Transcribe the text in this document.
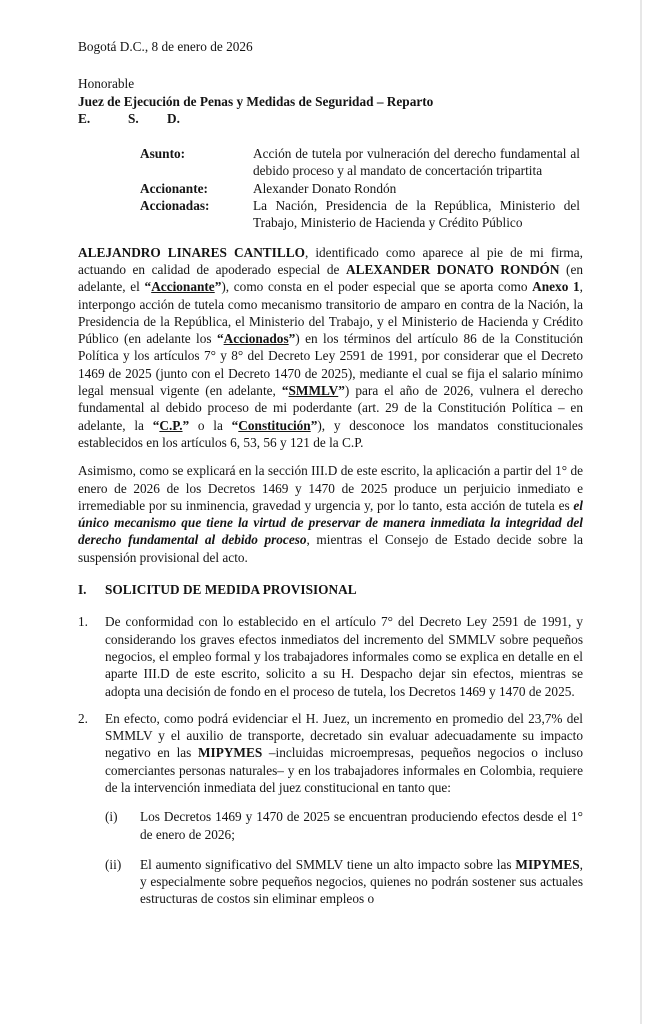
Bogotá D.C., 8 de enero de 2026

Honorable

Juez de Ejecución de Penas y Medidas de Seguridad – Reparto

E.	S. D.

Asunto:	Acción de tutela por vulneración del derecho fundamental al debido proceso y al mandato de concertación tripartita
Accionante:	Alexander Donato Rondón
Accionadas:	La Nación, Presidencia de la República, Ministerio del Trabajo, Ministerio de Hacienda y Crédito Público

ALEJANDRO LINARES CANTILLO, identificado como aparece al pie de mi firma, actuando en calidad de apoderado especial de ALEXANDER DONATO RONDÓN (en adelante, el “Accionante”), como consta en el poder especial que se aporta como Anexo 1, interpongo acción de tutela como mecanismo transitorio de amparo en contra de la Nación, la Presidencia de la República, el Ministerio del Trabajo, y el Ministerio de Hacienda y Crédito Público (en adelante los “Accionados”) en los términos del artículo 86 de la Constitución Política y los artículos 7° y 8° del Decreto Ley 2591 de 1991, por considerar que el Decreto 1469 de 2025 (junto con el Decreto 1470 de 2025), mediante el cual se fija el salario mínimo legal mensual vigente (en adelante, “SMMLV”) para el año de 2026, vulnera el derecho fundamental al debido proceso de mi poderdante (art. 29 de la Constitución Política – en adelante, la “C.P.” o la “Constitución”), y desconoce los mandatos constitucionales establecidos en los artículos 6, 53, 56 y 121 de la C.P.

Asimismo, como se explicará en la sección III.D de este escrito, la aplicación a partir del 1° de enero de 2026 de los Decretos 1469 y 1470 de 2025 produce un perjuicio inmediato e irremediable por su inminencia, gravedad y urgencia y, por lo tanto, esta acción de tutela es el único mecanismo que tiene la virtud de preservar de manera inmediata la integridad del derecho fundamental al debido proceso, mientras el Consejo de Estado decide sobre la suspensión provisional del acto.

I.	SOLICITUD DE MEDIDA PROVISIONAL
1.	De conformidad con lo establecido en el artículo 7° del Decreto Ley 2591 de 1991, y considerando los graves efectos inmediatos del incremento del SMMLV sobre pequeños negocios, el empleo formal y los trabajadores informales como se explica en detalle en el aparte III.D de este escrito, solicito a su H. Despacho dejar sin efectos, mientras se adopta una decisión de fondo en el proceso de tutela, los Decretos 1469 y 1470 de 2025.
2.	En efecto, como podrá evidenciar el H. Juez, un incremento en promedio del 23,7% del SMMLV y el auxilio de transporte, decretado sin evaluar adecuadamente su impacto negativo en las MIPYMES –incluidas microempresas, pequeños negocios o incluso comerciantes personas naturales– y en los trabajadores informales en Colombia, requiere de la intervención inmediata del juez constitucional en tanto que:
(i)	Los Decretos 1469 y 1470 de 2025 se encuentran produciendo efectos desde el 1° de enero de 2026;
(ii)	El aumento significativo del SMMLV tiene un alto impacto sobre las MIPYMES, y especialmente sobre pequeños negocios, quienes no podrán sostener sus actuales estructuras de costos sin eliminar empleos o
